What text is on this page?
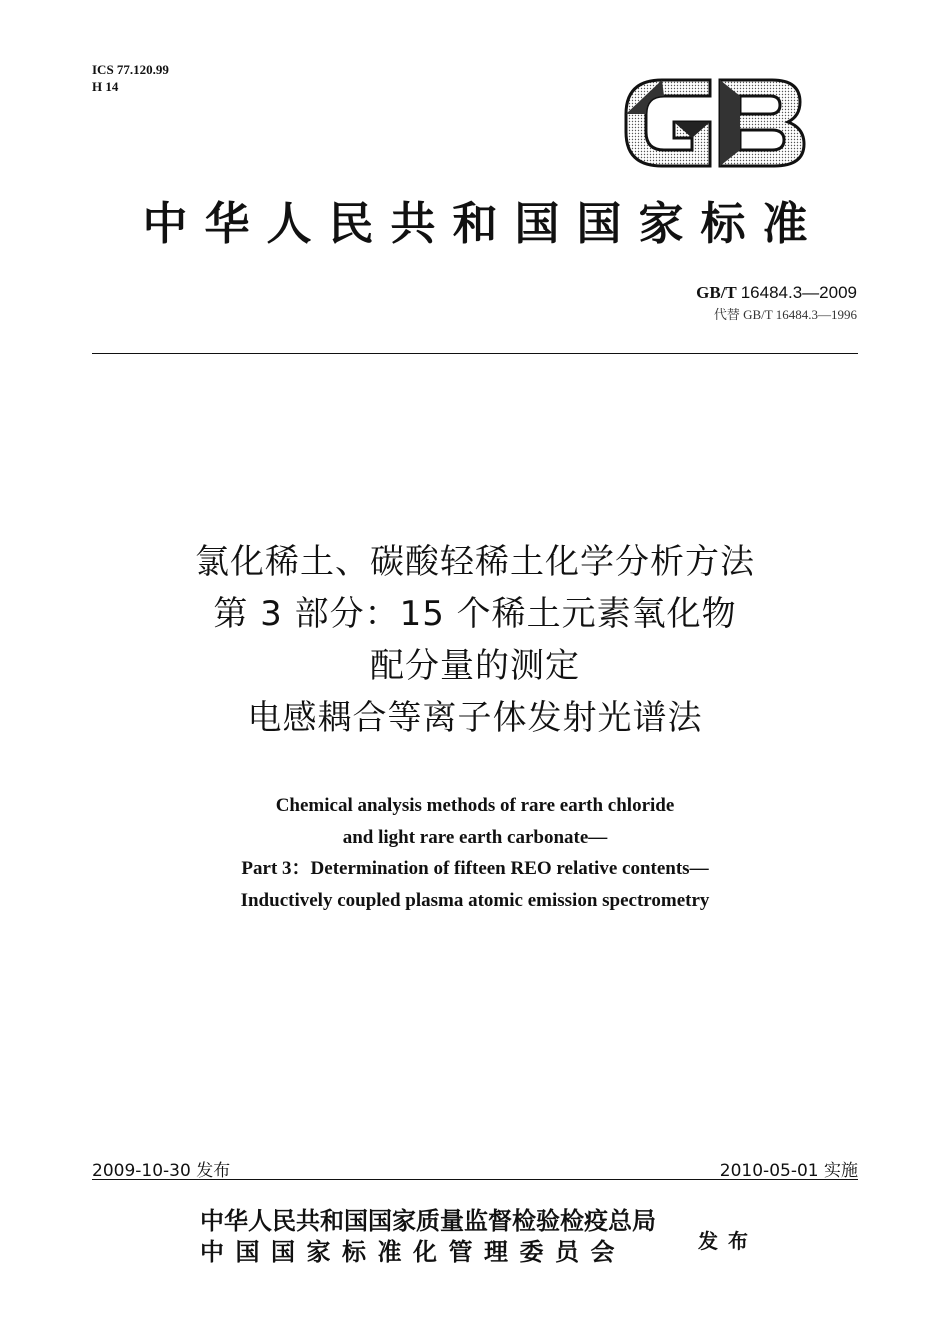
ICS 77.120.99
H 14
中华人民共和国国家标准
GB/T 16484.3—2009
代替 GB/T 16484.3—1996
氯化稀土、碳酸轻稀土化学分析方法
第 3 部分：15 个稀土元素氧化物
配分量的测定
电感耦合等离子体发射光谱法
Chemical analysis methods of rare earth chloride
and light rare earth carbonate—
Part 3：Determination of fifteen REO relative contents—
Inductively coupled plasma atomic emission spectrometry
2009-10-30 发布	2010-05-01 实施
中华人民共和国国家质量监督检验检疫总局
中国国家标准化管理委员会	发布
